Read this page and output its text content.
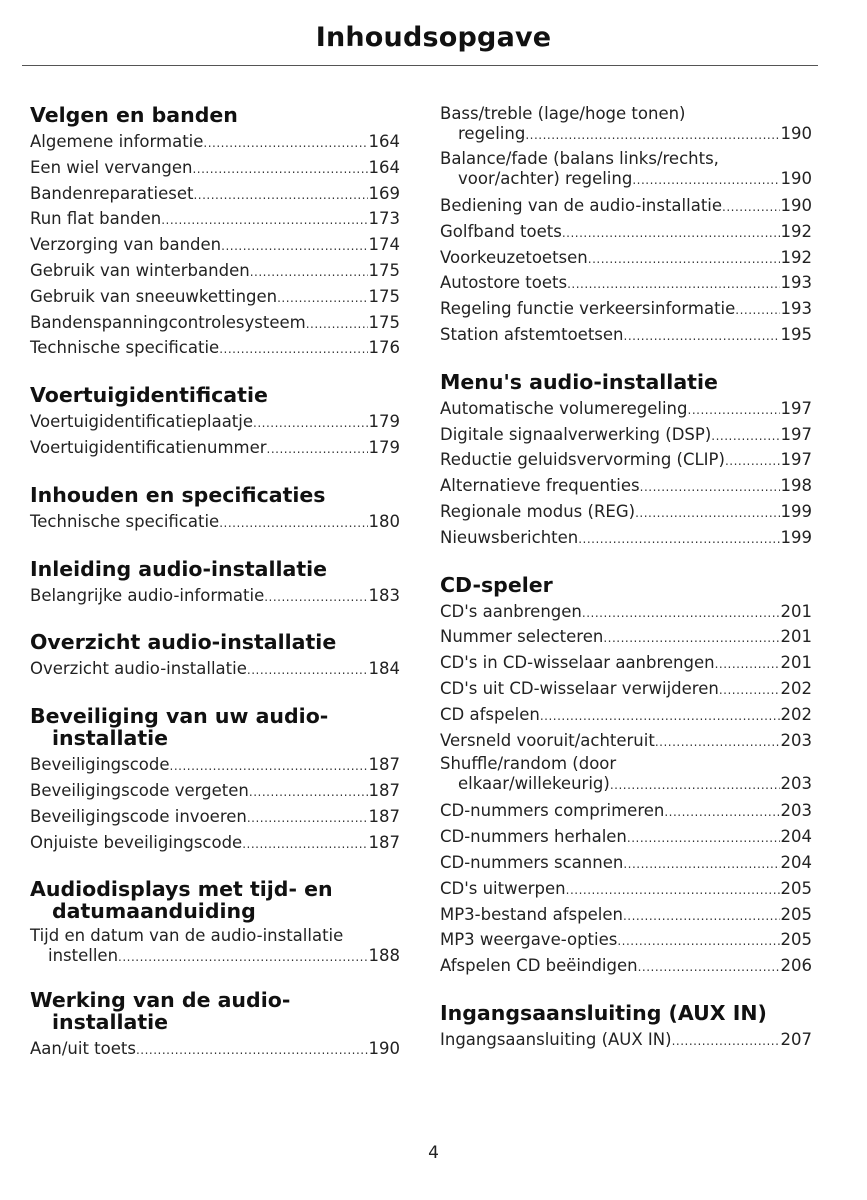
Inhoudsopgave
Velgen en banden
Algemene informatie .....	164
Een wiel vervangen .....	164
Bandenreparatieset .....	169
Run flat banden .....	173
Verzorging van banden .....	174
Gebruik van winterbanden .....	175
Gebruik van sneeuwkettingen .....	175
Bandenspanningcontrolesysteem .....	175
Technische specificatie .....	176
Voertuigidentificatie
Voertuigidentificatieplaatje .....	179
Voertuigidentificatienummer .....	179
Inhouden en specificaties
Technische specificatie .....	180
Inleiding audio-installatie
Belangrijke audio-informatie .....	183
Overzicht audio-installatie
Overzicht audio-installatie .....	184
Beveiliging van uw audio-installatie
Beveiligingscode .....	187
Beveiligingscode vergeten .....	187
Beveiligingscode invoeren .....	187
Onjuiste beveiligingscode .....	187
Audiodisplays met tijd- en datumaanduiding
Tijd en datum van de audio-installatie
instellen .....	188
Werking van de audio-installatie
Aan/uit toets .....	190
Bass/treble (lage/hoge tonen)
regeling .....	190
Balance/fade (balans links/rechts,
voor/achter) regeling .....	190
Bediening van de audio-installatie .....	190
Golfband toets .....	192
Voorkeuzetoetsen .....	192
Autostore toets .....	193
Regeling functie verkeersinformatie .....	193
Station afstemtoetsen .....	195
Menu's audio-installatie
Automatische volumeregeling .....	197
Digitale signaalverwerking (DSP) .....	197
Reductie geluidsvervorming (CLIP) .....	197
Alternatieve frequenties .....	198
Regionale modus (REG) .....	199
Nieuwsberichten .....	199
CD-speler
CD's aanbrengen .....	201
Nummer selecteren .....	201
CD's in CD-wisselaar aanbrengen .....	201
CD's uit CD-wisselaar verwijderen .....	202
CD afspelen .....	202
Versneld vooruit/achteruit .....	203
Shuffle/random (door
elkaar/willekeurig) .....	203
CD-nummers comprimeren .....	203
CD-nummers herhalen .....	204
CD-nummers scannen .....	204
CD's uitwerpen .....	205
MP3-bestand afspelen .....	205
MP3 weergave-opties .....	205
Afspelen CD beëindigen .....	206
Ingangsaansluiting (AUX IN)
Ingangsaansluiting (AUX IN) .....	207
4
